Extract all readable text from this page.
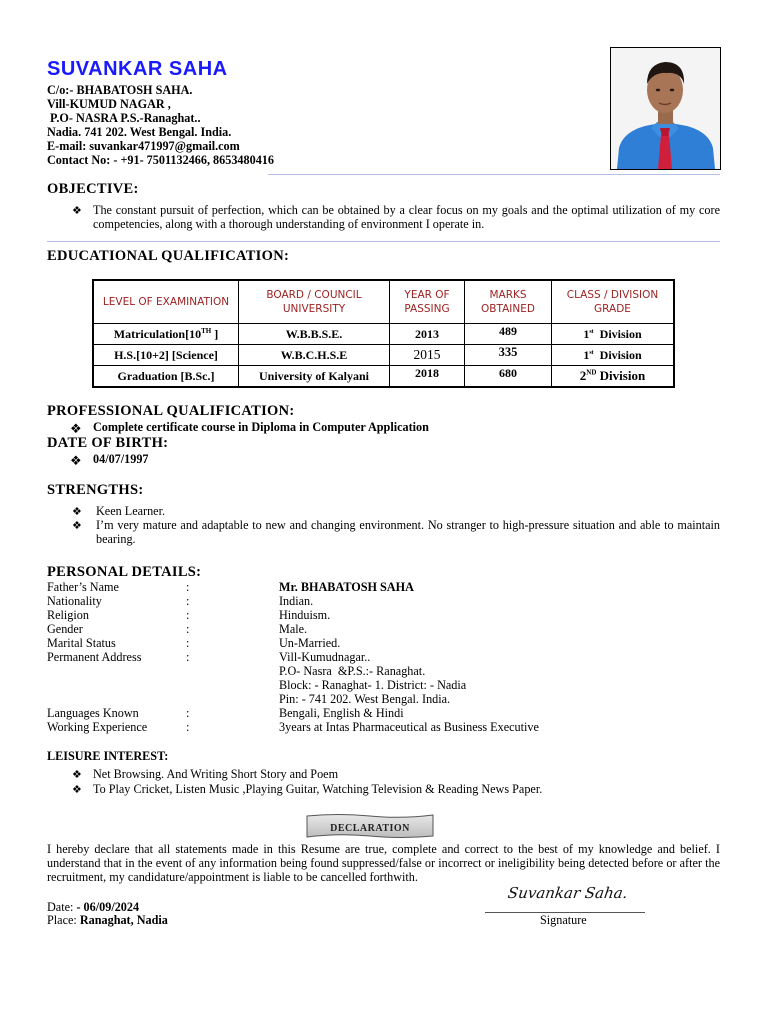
SUVANKAR SAHA
C/o:- BHABATOSH SAHA.
Vill-KUMUD NAGAR ,
P.O- NASRA P.S.-Ranaghat..
Nadia. 741 202. West Bengal. India.
E-mail: suvankar471997@gmail.com
Contact No: - +91- 7501132466, 8653480416
OBJECTIVE:
❖ The constant pursuit of perfection, which can be obtained by a clear focus on my goals and the optimal utilization of my core competencies, along with a thorough understanding of environment I operate in.
EDUCATIONAL QUALIFICATION:
LEVEL OF EXAMINATION	BOARD / COUNCIL UNIVERSITY	YEAR OF PASSING	MARKS OBTAINED	CLASS / DIVISION GRADE
Matriculation[10TH ]	W.B.B.S.E.	2013	489	1st  Division
H.S.[10+2] [Science]	W.B.C.H.S.E	2015	335	1st  Division
Graduation [B.Sc.]	University of Kalyani	2018	680	2ND Division
PROFESSIONAL QUALIFICATION:
❖ Complete certificate course in Diploma in Computer Application
DATE OF BIRTH:
❖ 04/07/1997
STRENGTHS:
❖ Keen Learner.
❖ I’m very mature and adaptable to new and changing environment. No stranger to high-pressure situation and able to maintain bearing.
PERSONAL DETAILS:
Father’s Name	:	Mr. BHABATOSH SAHA
Nationality	:	Indian.
Religion	:	Hinduism.
Gender	:	Male.
Marital Status	:	Un-Married.
Permanent Address	:	Vill-Kumudnagar..
P.O- Nasra  &P.S.:- Ranaghat.
Block: - Ranaghat- 1. District: - Nadia
Pin: - 741 202. West Bengal. India.
Languages Known	:	Bengali, English & Hindi
Working Experience	:	3years at Intas Pharmaceutical as Business Executive
LEISURE INTEREST:
❖ Net Browsing. And Writing Short Story and Poem
❖ To Play Cricket, Listen Music ,Playing Guitar, Watching Television & Reading News Paper.
DECLARATION
I hereby declare that all statements made in this Resume are true, complete and correct to the best of my knowledge and belief. I understand that in the event of any information being found suppressed/false or incorrect or ineligibility being detected before or after the recruitment, my candidature/appointment is liable to be cancelled forthwith.
Date: - 06/09/2024
Place: Ranaghat, Nadia
Suvankar Saha.
Signature
